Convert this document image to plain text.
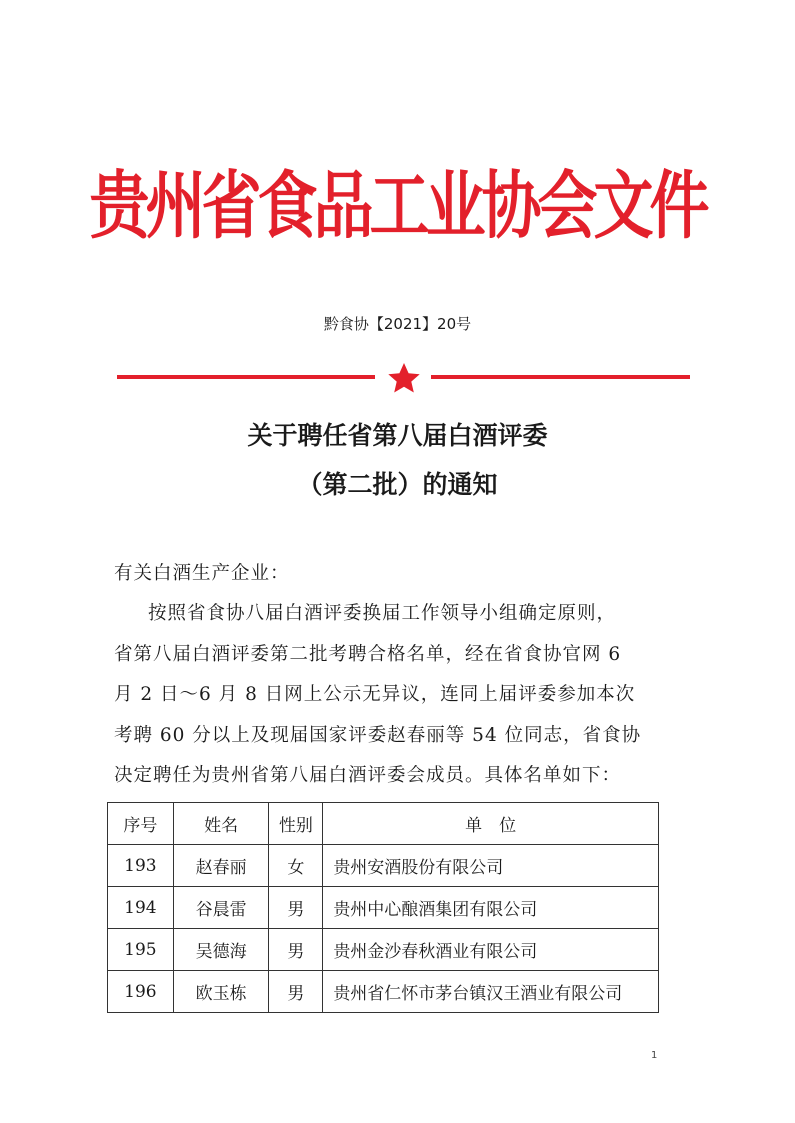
贵州省食品工业协会文件
黔食协【2021】20号
关于聘任省第八届白酒评委
（第二批）的通知
有关白酒生产企业：
按照省食协八届白酒评委换届工作领导小组确定原则，
省第八届白酒评委第二批考聘合格名单，经在省食协官网 6
月 2 日～6 月 8 日网上公示无异议，连同上届评委参加本次
考聘 60 分以上及现届国家评委赵春丽等 54 位同志，省食协
决定聘任为贵州省第八届白酒评委会成员。具体名单如下：
序号	姓名	性别	单　位
193	赵春丽	女	贵州安酒股份有限公司
194	谷晨雷	男	贵州中心酿酒集团有限公司
195	吴德海	男	贵州金沙春秋酒业有限公司
196	欧玉栋	男	贵州省仁怀市茅台镇汉王酒业有限公司
1
